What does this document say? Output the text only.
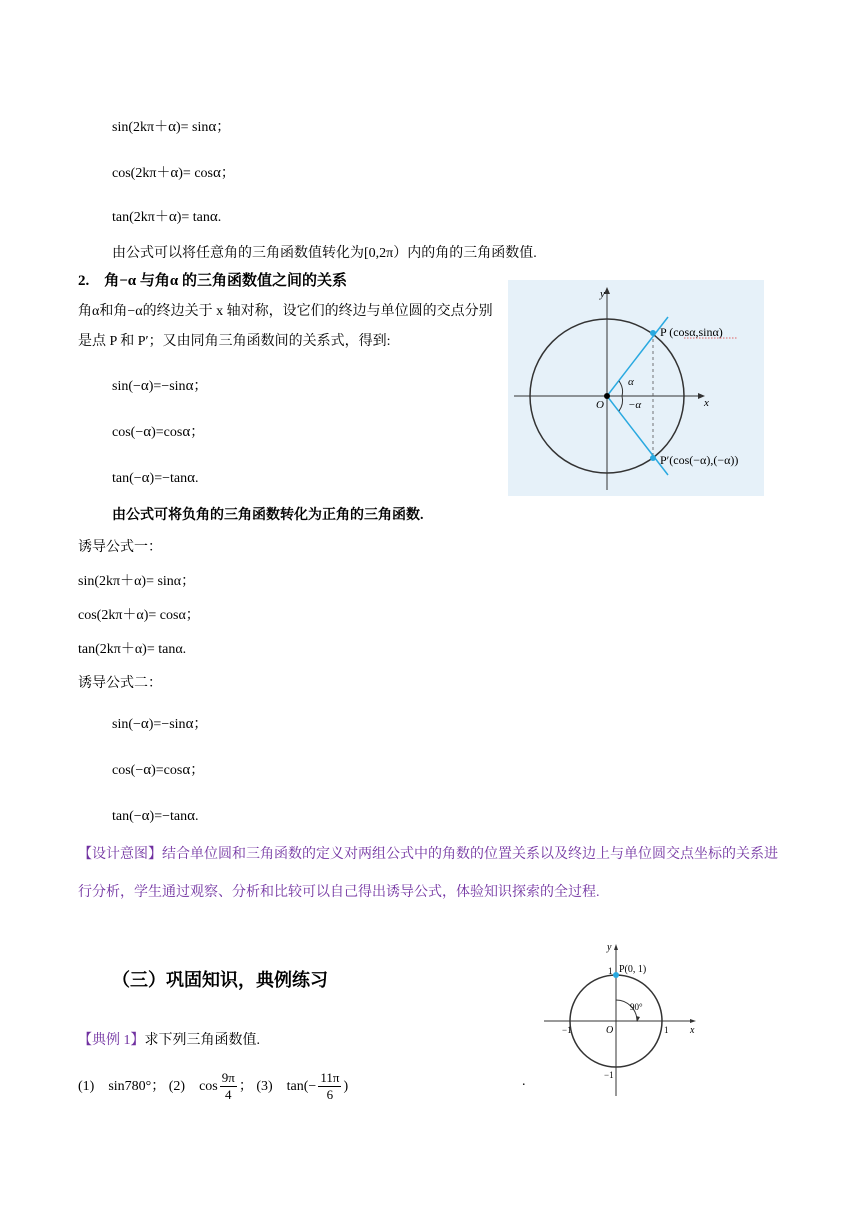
sin(2kπ＋α)= sinα；
cos(2kπ＋α)= cosα；
tan(2kπ＋α)= tanα.
由公式可以将任意角的三角函数值转化为[0,2π）内的角的三角函数值.
2.　角−α 与角α 的三角函数值之间的关系
角α和角−α的终边关于 x 轴对称，设它们的终边与单位圆的交点分别是点 P 和 P′；又由同角三角函数间的关系式，得到:
sin(−α)=−sinα；
cos(−α)=cosα；
tan(−α)=−tanα.
由公式可将负角的三角函数转化为正角的三角函数.
诱导公式一：
sin(2kπ＋α)= sinα；
cos(2kπ＋α)= cosα；
tan(2kπ＋α)= tanα.
诱导公式二：
sin(−α)=−sinα；
cos(−α)=cosα；
tan(−α)=−tanα.
【设计意图】结合单位圆和三角函数的定义对两组公式中的角数的位置关系以及终边上与单位圆交点坐标的关系进行分析，学生通过观察、分析和比较可以自己得出诱导公式，体验知识探索的全过程.
（三）巩固知识，典例练习
【典例 1】求下列三角函数值.
(1)　sin780°； (2)　$\cos \frac{9\pi}{4}$ ； (3)　$\tan(- \frac{11\pi}{6}$ )	.
y
x
O
α
−α
P (cosα,sinα)
P′(cos(−α),(−α))
y
x
O
1 P(0, 1)
90°
1
−1
−1
